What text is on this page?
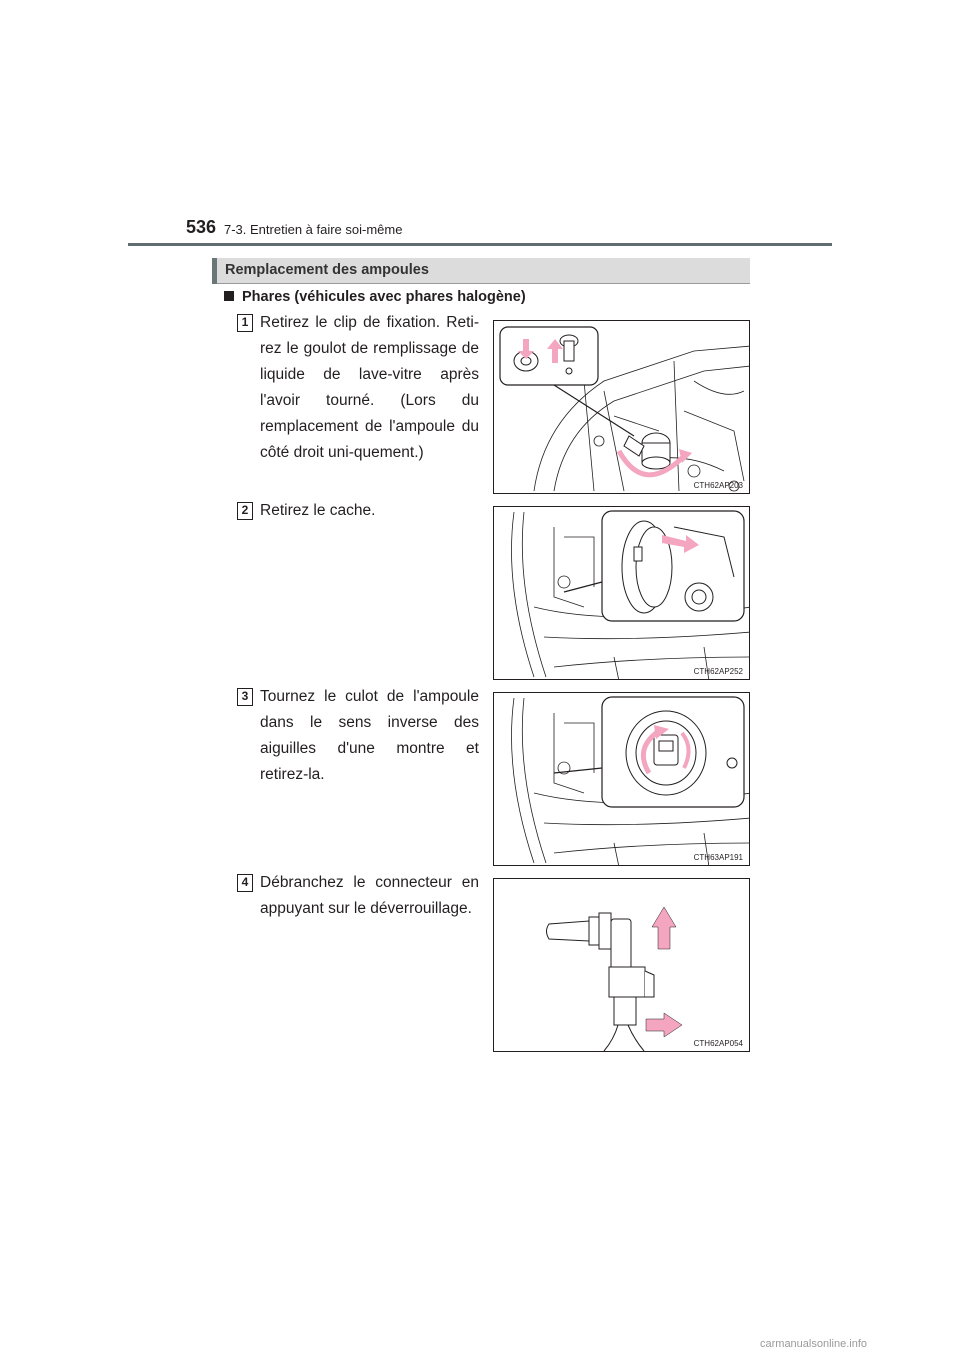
536 7-3. Entretien à faire soi-même
Remplacement des ampoules
Phares (véhicules avec phares halogène)
1 Retirez le clip de fixation. Reti-rez le goulot de remplissage de liquide de lave-vitre après l'avoir tourné. (Lors du remplacement de l'ampoule du côté droit uni-quement.)
CTH62AP203
2 Retirez le cache.
CTH62AP252
3 Tournez le culot de l'ampoule dans le sens inverse des aiguilles d'une montre et retirez-la.
CTH63AP191
4 Débranchez le connecteur en appuyant sur le déverrouillage.
CTH62AP054
carmanualsonline.info
